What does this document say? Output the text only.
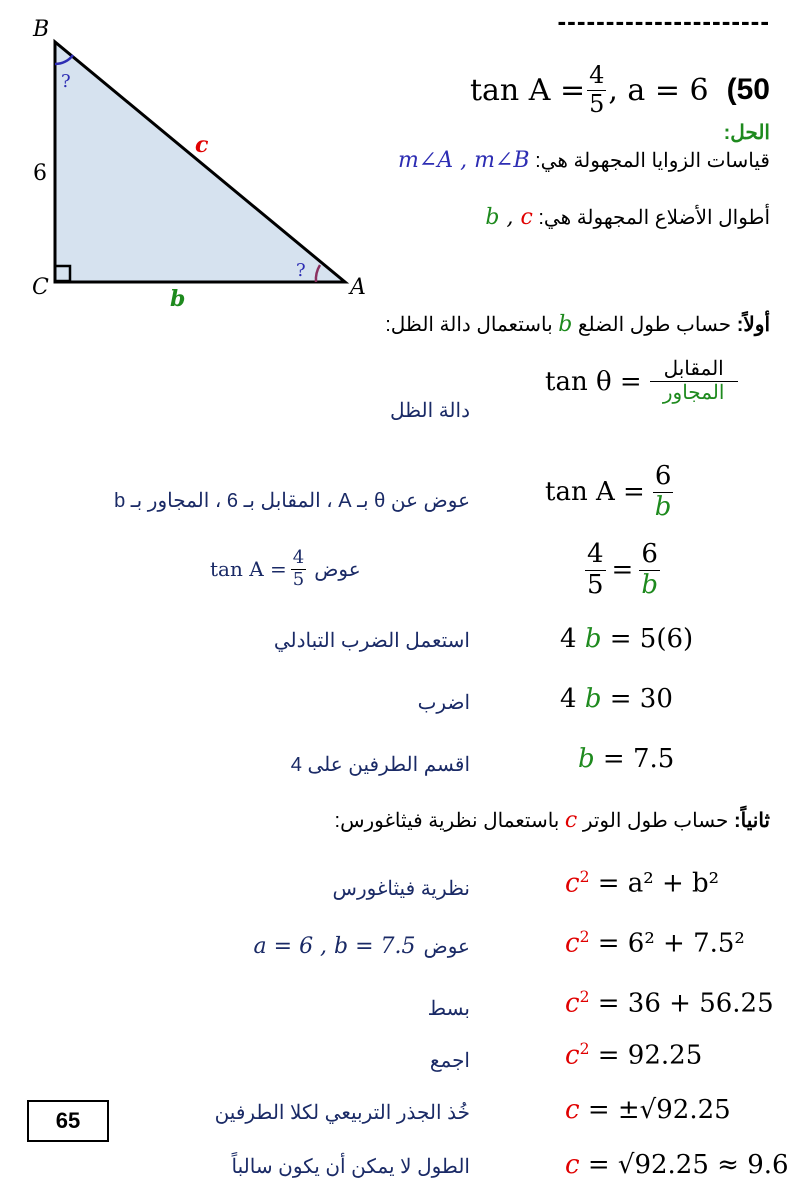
B
C	A
6
b
c
?
?
----------------------
$\tan A = \frac{4}{5}$ , a = 6 (50
الحل:
قياسات الزوايا المجهولة هي: m∠A , m∠B
أطوال الأضلاع المجهولة هي: b , c
أولاً: حساب طول الضلع b باستعمال دالة الظل:
$\tan \theta = \frac{\text{المقابل}}{\text{المجاور}}$
دالة الظل
$\tan A = \frac{6}{b}$
عوض عن θ بـ A ، المقابل بـ 6 ، المجاور بـ b
$\frac{4}{5} = \frac{6}{b}$
$\tan A = \frac{4}{5}$ عوض
4 b = 5(6)
استعمل الضرب التبادلي
4 b = 30
اضرب
b = 7.5
اقسم الطرفين على 4
ثانياً: حساب طول الوتر c باستعمال نظرية فيثاغورس:
$c^2 = a^2 + b^2$
نظرية فيثاغورس
$c^2 = 6^2 + 7.5^2$
عوض
a = 6 , b = 7.5
$c^2 = 36 + 56.25$
بسط
$c^2 = 92.25$
اجمع
c = ±√92.25
خُذ الجذر التربيعي لكلا الطرفين
c = √92.25 ≈ 9.6
الطول لا يمكن أن يكون سالباً
65
